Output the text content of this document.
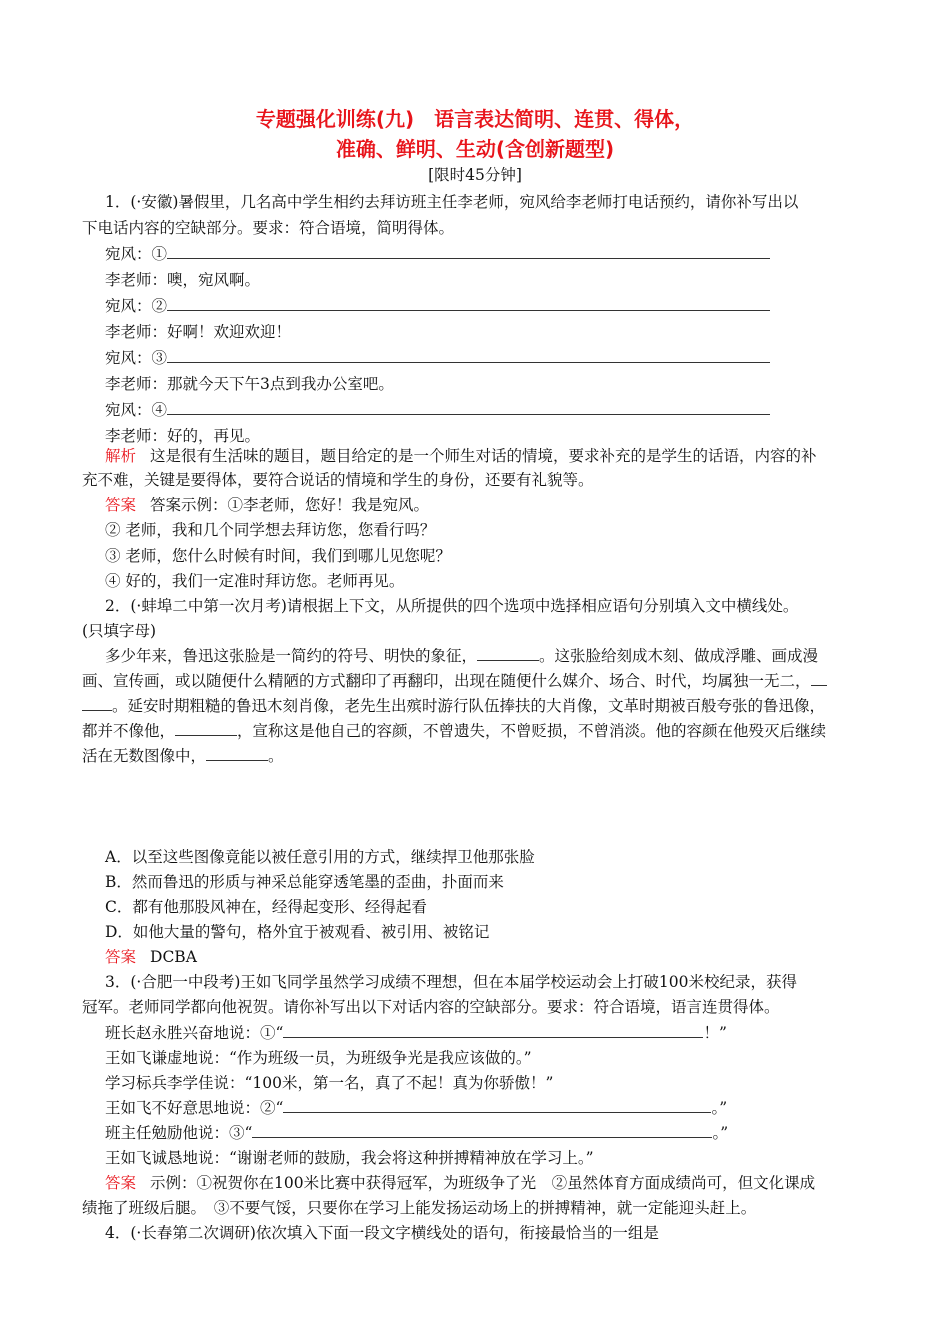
专题强化训练(九)　语言表达简明、连贯、得体，
准确、鲜明、生动(含创新题型)
[限时45分钟]
1．(·安徽)暑假里，几名高中学生相约去拜访班主任李老师，宛风给李老师打电话预约，请你补写出以
下电话内容的空缺部分。要求：符合语境，简明得体。
宛风：①
李老师：噢，宛风啊。
宛风：②
李老师：好啊！欢迎欢迎！
宛风：③
李老师：那就今天下午3点到我办公室吧。
宛风：④
李老师：好的，再见。
解析 这是很有生活味的题目，题目给定的是一个师生对话的情境，要求补充的是学生的话语，内容的补
充不难，关键是要得体，要符合说话的情境和学生的身份，还要有礼貌等。
答案 答案示例：①李老师，您好！我是宛风。
② 老师，我和几个同学想去拜访您，您看行吗？
③ 老师，您什么时候有时间，我们到哪儿见您呢？
④ 好的，我们一定准时拜访您。老师再见。
2．(·蚌埠二中第一次月考)请根据上下文，从所提供的四个选项中选择相应语句分别填入文中横线处。
(只填字母)
多少年来，鲁迅这张脸是一简约的符号、明快的象征，	。这张脸给刻成木刻、做成浮雕、画成漫
画、宣传画，或以随便什么精陋的方式翻印了再翻印，出现在随便什么媒介、场合、时代，均属独一无二，
。延安时期粗糙的鲁迅木刻肖像，老先生出殡时游行队伍捧扶的大肖像，文革时期被百般夸张的鲁迅像，
都并不像他，	，宣称这是他自己的容颜，不曾遗失，不曾贬损，不曾消淡。他的容颜在他殁灭后继续
活在无数图像中，	。
A．以至这些图像竟能以被任意引用的方式，继续捍卫他那张脸
B．然而鲁迅的形质与神采总能穿透笔墨的歪曲，扑面而来
C．都有他那股风神在，经得起变形、经得起看
D．如他大量的警句，格外宜于被观看、被引用、被铭记
答案 DCBA
3．(·合肥一中段考)王如飞同学虽然学习成绩不理想，但在本届学校运动会上打破100米校纪录，获得
冠军。老师同学都向他祝贺。请你补写出以下对话内容的空缺部分。要求：符合语境，语言连贯得体。
班长赵永胜兴奋地说：①“	！”
王如飞谦虚地说：“作为班级一员，为班级争光是我应该做的。”
学习标兵李学佳说：“100米，第一名，真了不起！真为你骄傲！”
王如飞不好意思地说：②“	。”
班主任勉励他说：③“	。”
王如飞诚恳地说：“谢谢老师的鼓励，我会将这种拼搏精神放在学习上。”
答案 示例：①祝贺你在100米比赛中获得冠军，为班级争了光　②虽然体育方面成绩尚可，但文化课成
绩拖了班级后腿。　③不要气馁，只要你在学习上能发扬运动场上的拼搏精神，就一定能迎头赶上。
4．(·长春第二次调研)依次填入下面一段文字横线处的语句，衔接最恰当的一组是
